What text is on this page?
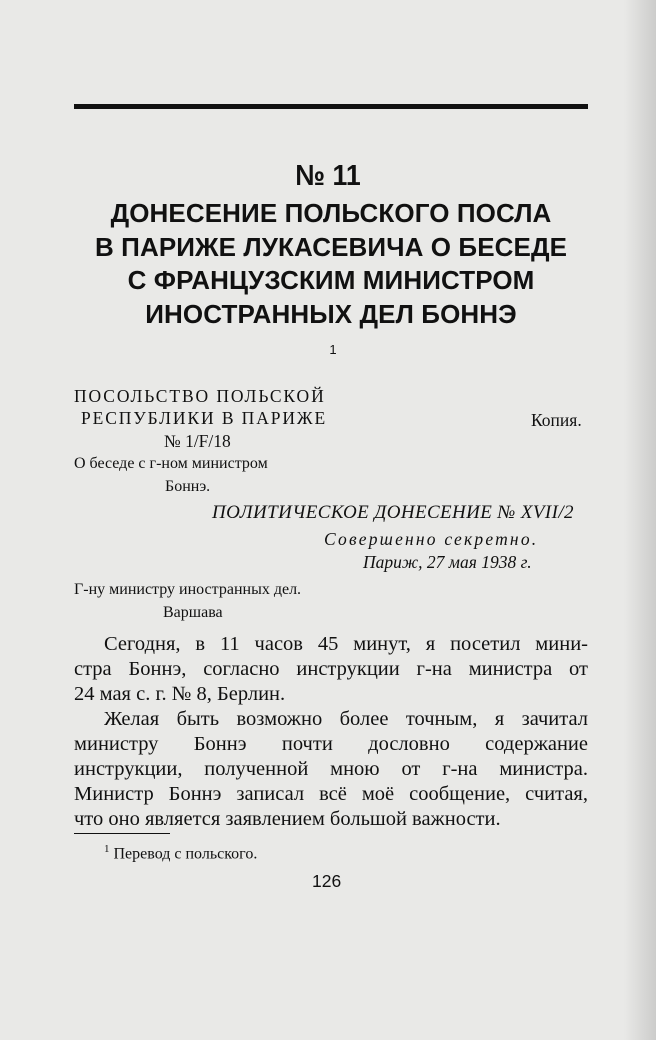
№ 11
ДОНЕСЕНИЕ ПОЛЬСКОГО ПОСЛА
В ПАРИЖЕ ЛУКАСЕВИЧА О БЕСЕДЕ
С ФРАНЦУЗСКИМ МИНИСТРОМ
ИНОСТРАННЫХ ДЕЛ БОННЭ
$^1$
ПОСОЛЬСТВО ПОЛЬСКОЙ
РЕСПУБЛИКИ В ПАРИЖЕ	Копия.
№ 1/F/18
О беседе с г-ном министром
Боннэ.
ПОЛИТИЧЕСКОЕ ДОНЕСЕНИЕ № XVII/2
Совершенно секретно.
Париж, 27 мая 1938 г.
Г-ну министру иностранных дел.
Варшава
Сегодня, в 11 часов 45 минут, я посетил мини-
стра Боннэ, согласно инструкции г-на министра от
24 мая с. г. № 8, Берлин.
Желая быть возможно более точным, я зачитал
министру Боннэ почти дословно содержание
инструкции, полученной мною от г-на министра.
Министр Боннэ записал всё моё сообщение, считая,
что оно является заявлением большой важности.
$^1$ Перевод с польского.
126
